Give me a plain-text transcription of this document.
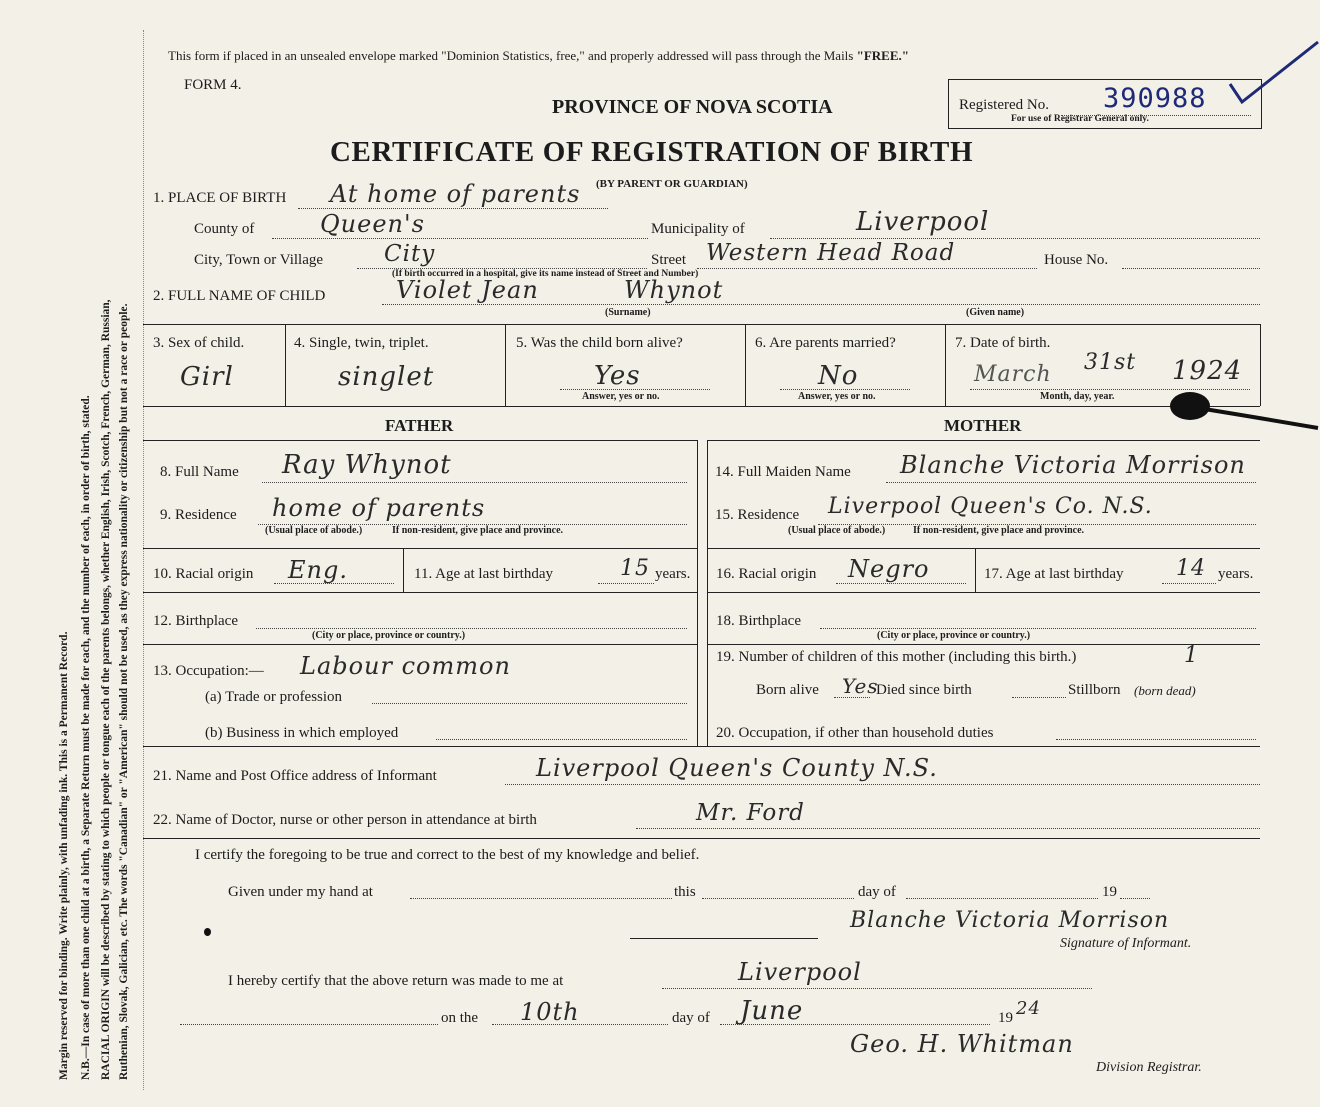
Margin reserved for binding. Write plainly, with unfading ink. This is a Permanent Record. N.B.—In case of more than one child at a birth, a Separate Return must be made for each, and the number of each, in order of birth, stated. RACIAL ORIGIN will be described by stating to which people or tongue each of the parents belongs, whether English, Irish, Scotch, French, German, Russian, Ruthenian, Slovak, Galician, etc. The words "Canadian" or "American" should not be used, as they express nationality or citizenship but not a race or people.
This form if placed in an unsealed envelope marked "Dominion Statistics, free," and properly addressed will pass through the Mails "FREE."
FORM 4.
PROVINCE OF NOVA SCOTIA
CERTIFICATE OF REGISTRATION OF BIRTH
(BY PARENT OR GUARDIAN)
Registered No. 390988
For use of Registrar General only.
1. PLACE OF BIRTH At home of parents
County of	Queen's	Municipality of	Liverpool
City, Town or Village	City	Street Western Head Road	House No.
(If birth occurred in a hospital, give its name instead of Street and Number)
2. FULL NAME OF CHILD	Violet Jean	Whynot
(Surname)	(Given name)
3. Sex of child.
Girl
4. Single, twin, triplet.
singlet
5. Was the child born alive?
Yes
Answer, yes or no.
6. Are parents married?
No
Answer, yes or no.
7. Date of birth.
March 31st 1924
Month, day, year.
FATHER	MOTHER
8. Full Name Ray Whynot
9. Residence home of parents
(Usual place of abode.)	If non-resident, give place and province.
10. Racial origin Eng.	11. Age at last birthday	15 years.
12. Birthplace
(City or place, province or country.)
13. Occupation:— Labour common
(a) Trade or profession
(b) Business in which employed
14. Full Maiden Name Blanche Victoria Morrison
15. Residence Liverpool Queen's Co. N.S.
(Usual place of abode.)	If non-resident, give place and province.
16. Racial origin Negro	17. Age at last birthday 14 years.
18. Birthplace
(City or place, province or country.)
19. Number of children of this mother (including this birth.)	1
Born alive Yes
Died since birth	Stillborn (born dead)
20. Occupation, if other than household duties
21. Name and Post Office address of Informant	Liverpool Queen's County N.S.
22. Name of Doctor, nurse or other person in attendance at birth	Mr. Ford
I certify the foregoing to be true and correct to the best of my knowledge and belief.
Given under my hand at	this	day of	19
Blanche Victoria Morrison
Signature of Informant.
I hereby certify that the above return was made to me at	Liverpool
on the 10th	day of June	19 24
Geo. H. Whitman
Division Registrar.
